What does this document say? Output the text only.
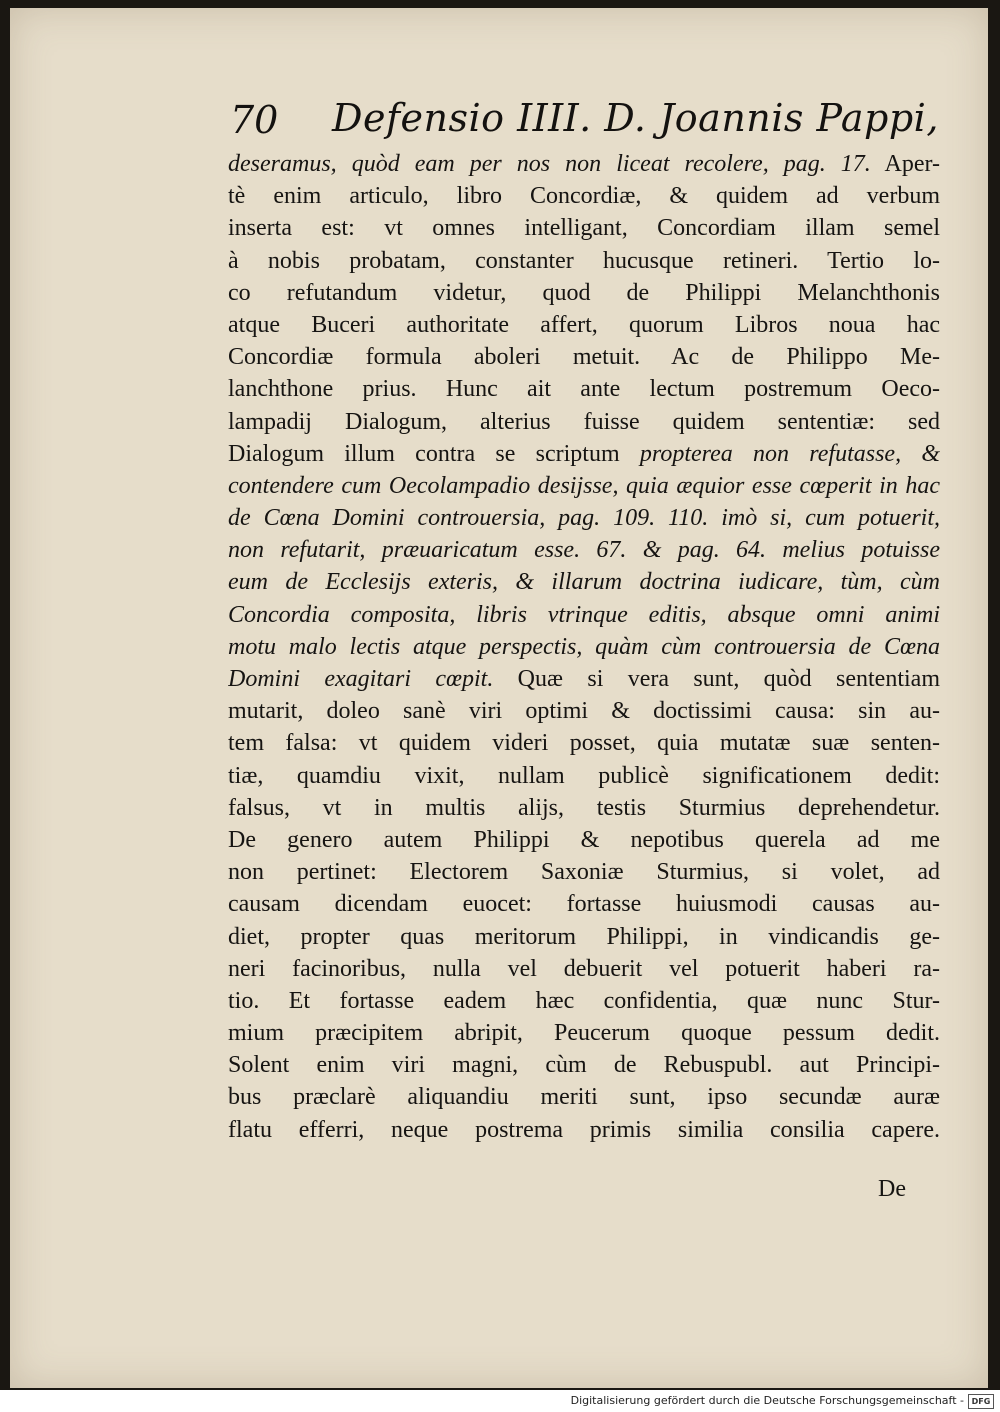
70 Defensio IIII. D. Joannis Pappi,
deseramus, quòd eam per nos non liceat recolere, pag. 17. Aper-
tè enim articulo, libro Concordiæ, & quidem ad verbum
inserta est: vt omnes intelligant, Concordiam illam semel
à nobis probatam, constanter hucusque retineri. Tertio lo-
co refutandum videtur, quod de Philippi Melanchthonis
atque Buceri authoritate affert, quorum Libros noua hac
Concordiæ formula aboleri metuit. Ac de Philippo Me-
lanchthone prius. Hunc ait ante lectum postremum Oeco-
lampadij Dialogum, alterius fuisse quidem sententiæ: sed
Dialogum illum contra se scriptum propterea non refutasse, &
contendere cum Oecolampadio desijsse, quia æquior esse cœperit in hac
de Cœna Domini controuersia, pag. 109. 110. imò si, cum potuerit,
non refutarit, præuaricatum esse. 67. & pag. 64. melius potuisse
eum de Ecclesijs exteris, & illarum doctrina iudicare, tùm, cùm
Concordia composita, libris vtrinque editis, absque omni animi
motu malo lectis atque perspectis, quàm cùm controuersia de Cœna
Domini exagitari cœpit. Quæ si vera sunt, quòd sententiam
mutarit, doleo sanè viri optimi & doctissimi causa: sin au-
tem falsa: vt quidem videri posset, quia mutatæ suæ senten-
tiæ, quamdiu vixit, nullam publicè significationem dedit:
falsus, vt in multis alijs, testis Sturmius deprehendetur.
De genero autem Philippi & nepotibus querela ad me
non pertinet: Electorem Saxoniæ Sturmius, si volet, ad
causam dicendam euocet: fortasse huiusmodi causas au-
diet, propter quas meritorum Philippi, in vindicandis ge-
neri facinoribus, nulla vel debuerit vel potuerit haberi ra-
tio. Et fortasse eadem hæc confidentia, quæ nunc Stur-
mium præcipitem abripit, Peucerum quoque pessum dedit.
Solent enim viri magni, cùm de Rebuspubl. aut Principi-
bus præclarè aliquandiu meriti sunt, ipso secundæ auræ
flatu efferri, neque postrema primis similia consilia capere.
De
Digitalisierung gefördert durch die Deutsche Forschungsgemeinschaft - DFG
